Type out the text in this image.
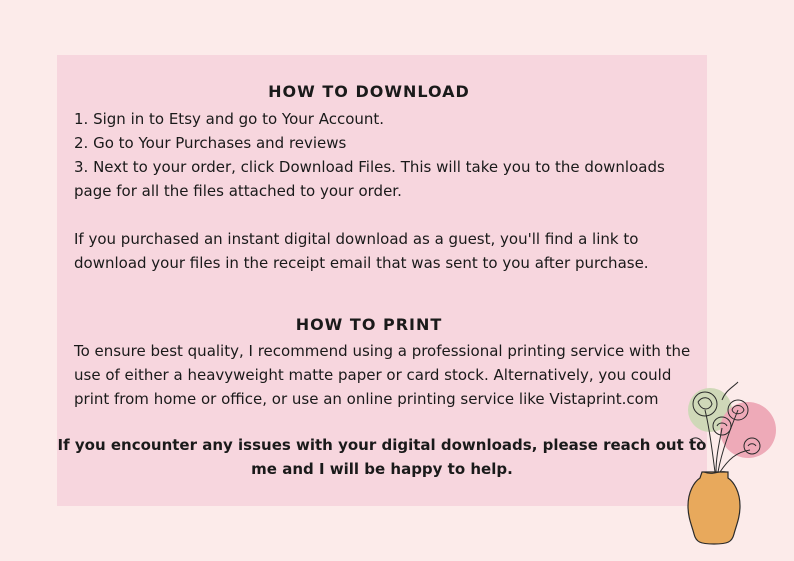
HOW TO DOWNLOAD

1. Sign in to Etsy and go to Your Account.

2. Go to Your Purchases and reviews

3. Next to your order, click Download Files. This will take you to the downloads

page for all the files attached to your order.

If you purchased an instant digital download as a guest, you'll find a link to

download your files in the receipt email that was sent to you after purchase.

HOW TO PRINT

To ensure best quality, I recommend using a professional printing service with the

use of either a heavyweight matte paper or card stock. Alternatively, you could

print from home or office, or use an online printing service like Vistaprint.com

If you encounter any issues with your digital downloads, please reach out to

me and I will be happy to help.
